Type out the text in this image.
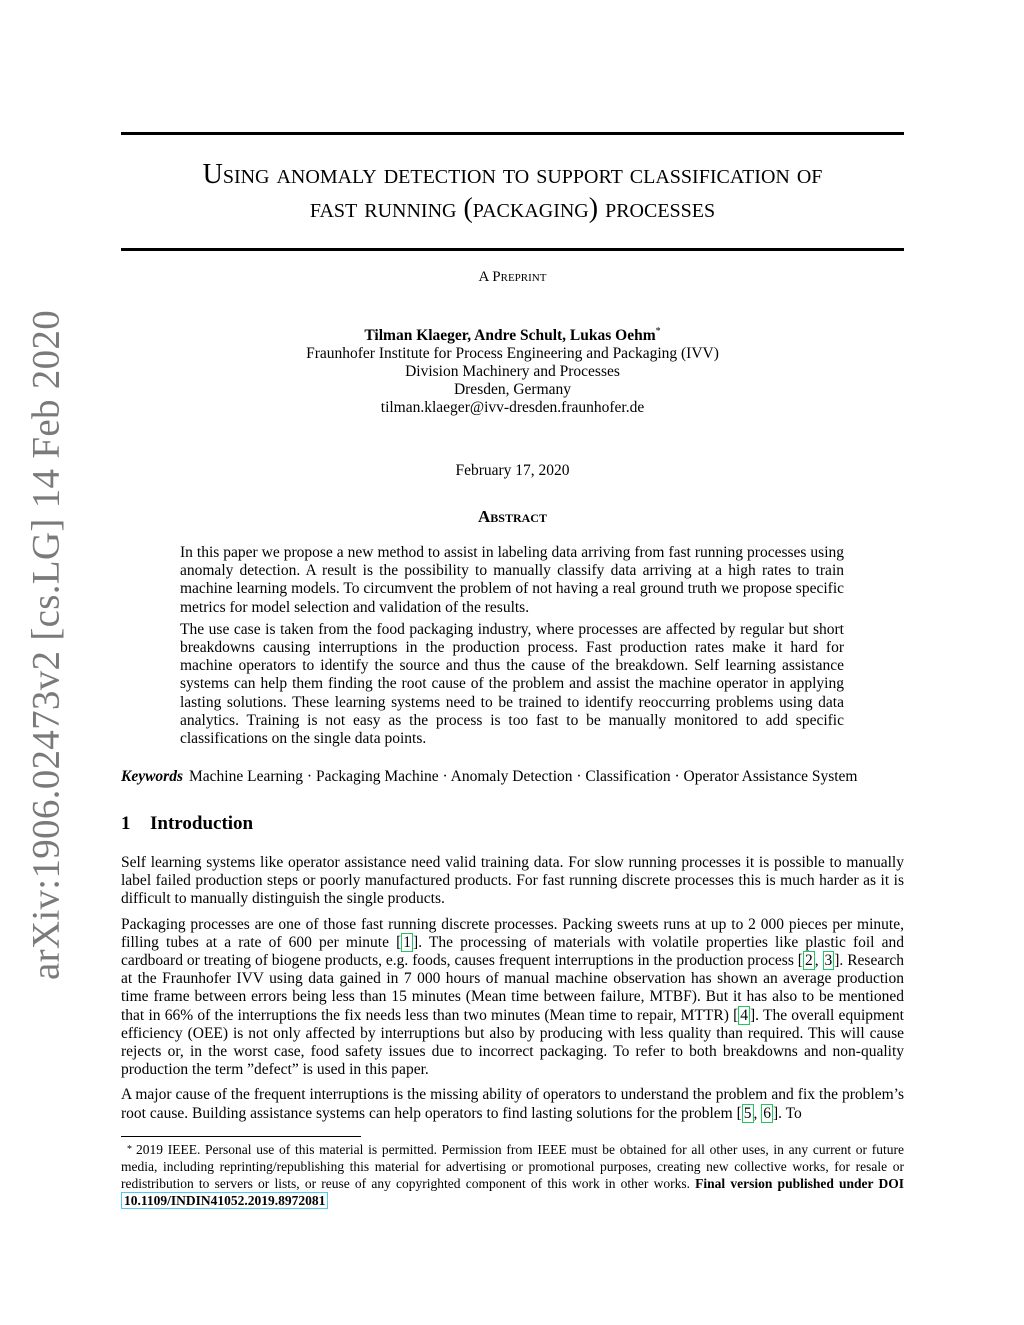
arXiv:1906.02473v2 [cs.LG] 14 Feb 2020
Using anomaly detection to support classification of
fast running (packaging) processes
A Preprint
Tilman Klaeger, Andre Schult, Lukas Oehm*
Fraunhofer Institute for Process Engineering and Packaging (IVV)
Division Machinery and Processes
Dresden, Germany
tilman.klaeger@ivv-dresden.fraunhofer.de
February 17, 2020
Abstract

In this paper we propose a new method to assist in labeling data arriving from fast running processes using anomaly detection. A result is the possibility to manually classify data arriving at a high rates to train machine learning models. To circumvent the problem of not having a real ground truth we propose specific metrics for model selection and validation of the results.

The use case is taken from the food packaging industry, where processes are affected by regular but short breakdowns causing interruptions in the production process. Fast production rates make it hard for machine operators to identify the source and thus the cause of the breakdown. Self learning assistance systems can help them finding the root cause of the problem and assist the machine operator in applying lasting solutions. These learning systems need to be trained to identify reoccurring problems using data analytics. Training is not easy as the process is too fast to be manually monitored to add specific classifications on the single data points.

Keywords Machine Learning · Packaging Machine · Anomaly Detection · Classification · Operator Assistance System
1 Introduction

Self learning systems like operator assistance need valid training data. For slow running processes it is possible to manually label failed production steps or poorly manufactured products. For fast running discrete processes this is much harder as it is difficult to manually distinguish the single products.

Packaging processes are one of those fast running discrete processes. Packing sweets runs at up to 2 000 pieces per minute, filling tubes at a rate of 600 per minute [ 1 ]. The processing of materials with volatile properties like plastic foil and cardboard or treating of biogene products, e.g. foods, causes frequent interruptions in the production process [ 2 , 3 ]. Research at the Fraunhofer IVV using data gained in 7 000 hours of manual machine observation has shown an average production time frame between errors being less than 15 minutes (Mean time between failure, MTBF). But it has also to be mentioned that in 66% of the interruptions the fix needs less than two minutes (Mean time to repair, MTTR) [ 4 ]. The overall equipment efficiency (OEE) is not only affected by interruptions but also by producing with less quality than required. This will cause rejects or, in the worst case, food safety issues due to incorrect packaging. To refer to both breakdowns and non-quality production the term ”defect” is used in this paper.

A major cause of the frequent interruptions is the missing ability of operators to understand the problem and fix the problem’s root cause. Building assistance systems can help operators to find lasting solutions for the problem [ 5 , 6 ]. To

* 2019 IEEE. Personal use of this material is permitted. Permission from IEEE must be obtained for all other uses, in any current or future media, including reprinting/republishing this material for advertising or promotional purposes, creating new collective works, for resale or redistribution to servers or lists, or reuse of any copyrighted component of this work in other works. Final version published under DOI 10.1109/INDIN41052.2019.8972081
